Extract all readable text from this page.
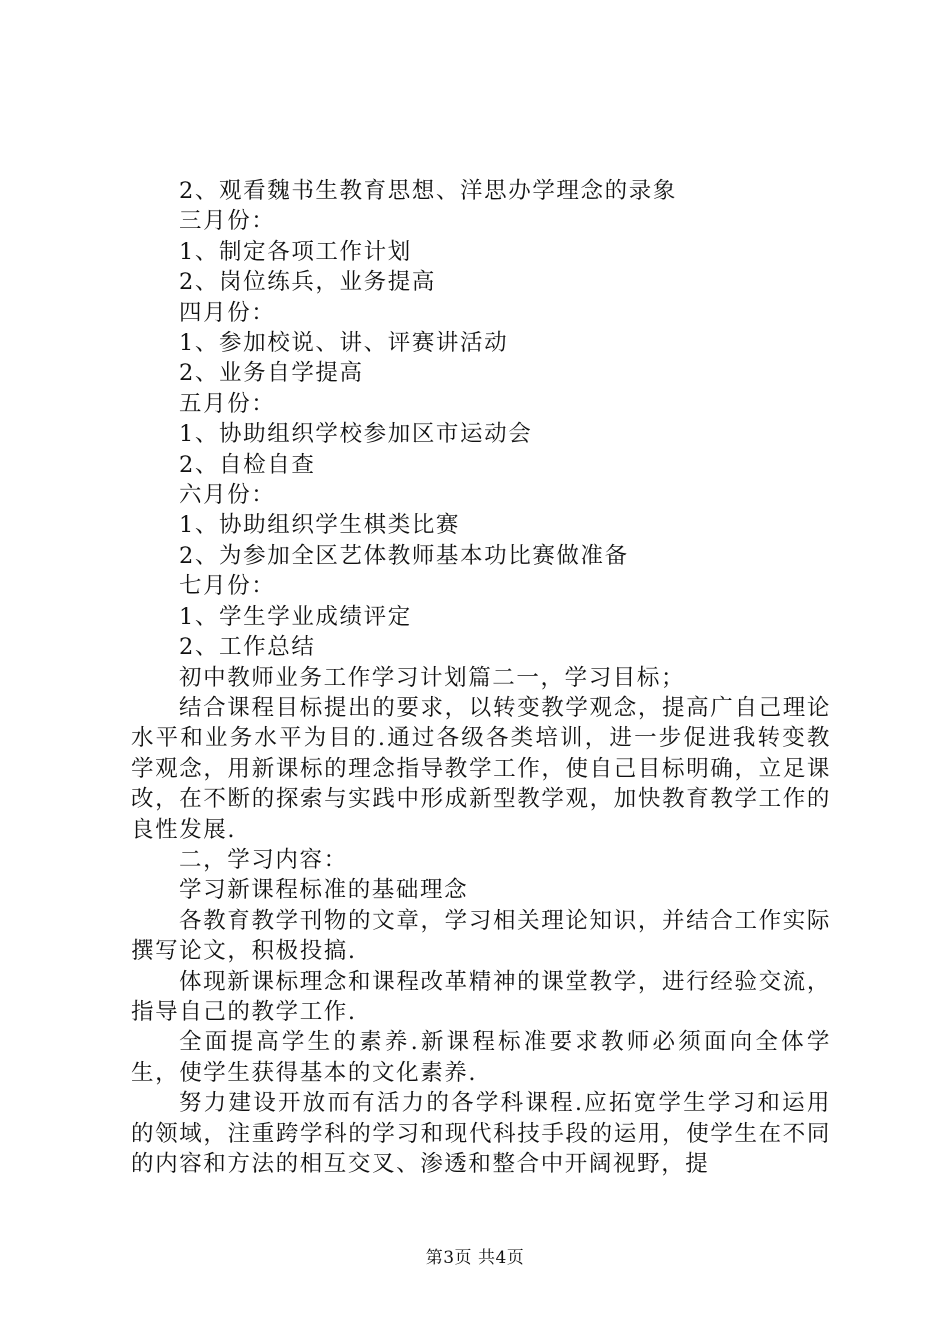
2、观看魏书生教育思想、洋思办学理念的录象
三月份：
1、制定各项工作计划
2、岗位练兵，业务提高
四月份：
1、参加校说、讲、评赛讲活动
2、业务自学提高
五月份：
1、协助组织学校参加区市运动会
2、自检自查
六月份：
1、协助组织学生棋类比赛
2、为参加全区艺体教师基本功比赛做准备
七月份：
1、学生学业成绩评定
2、工作总结
初中教师业务工作学习计划篇二一，学习目标；
结合课程目标提出的要求，以转变教学观念，提高广自己理论水平和业务水平为目的.通过各级各类培训，进一步促进我转变教学观念，用新课标的理念指导教学工作，使自己目标明确，立足课改，在不断的探索与实践中形成新型教学观，加快教育教学工作的良性发展.
二，学习内容：
学习新课程标准的基础理念
各教育教学刊物的文章，学习相关理论知识，并结合工作实际撰写论文，积极投搞.
体现新课标理念和课程改革精神的课堂教学，进行经验交流，指导自己的教学工作.
全面提高学生的素养.新课程标准要求教师必须面向全体学生，使学生获得基本的文化素养.
努力建设开放而有活力的各学科课程.应拓宽学生学习和运用的领域，注重跨学科的学习和现代科技手段的运用，使学生在不同的内容和方法的相互交叉、渗透和整合中开阔视野，提
第3页 共4页
